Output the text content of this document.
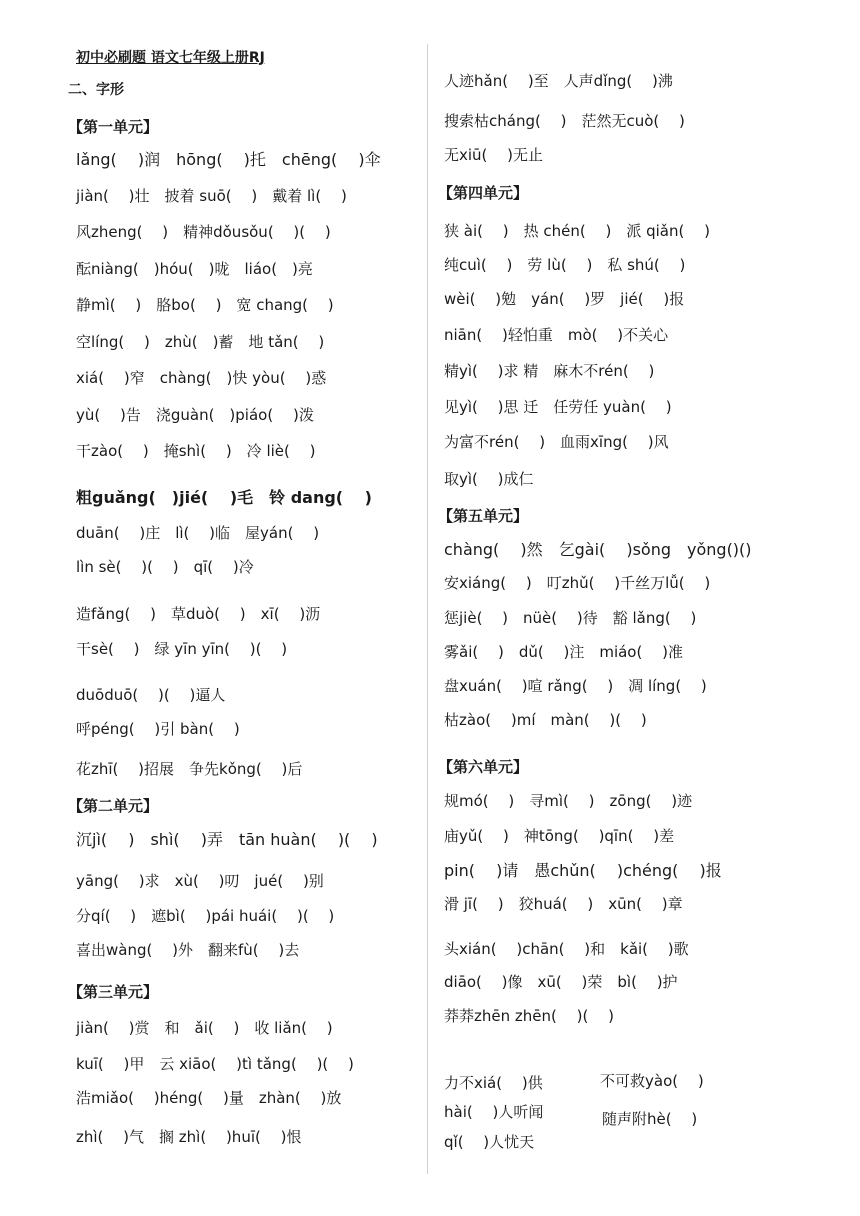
初中必刷题 语文七年级上册RJ
二、字形
【第一单元】
lǎng(　 )润　hōng(　 )托　chēng(　 )伞
jiàn(　 )壮　披着 suō(　 )　戴着 lì(　 )
风zheng(　 )　精神dǒusǒu(　 )(　 )
酝niàng(　)hóu(　)咙　liáo(　)亮
静mì(　 )　胳bo(　 )　宽 chang(　 )
空líng(　 )　zhù(　)蓄　地 tǎn(　 )
xiá(　 )窄　chàng(　)快 yòu(　 )惑
yù(　 )告　浇guàn(　)piáo(　 )泼
干zào(　 )　掩shì(　 )　冷 liè(　 )
粗guǎng(　)jié(　 )毛　铃 dang(　 )
duān(　 )庄　lì(　 )临　屋yán(　 )
lìn sè(　 )(　 )　qī(　 )冷
造fǎng(　 )　草duò(　 )　xī(　 )沥
干sè(　 )　绿 yīn yīn(　 )(　 )
duōduō(　 )(　 )逼人
呼péng(　 )引 bàn(　 )
花zhī(　 )招展　争先kǒng(　 )后
【第二单元】
沉jì(　 )　shì(　 )弄　tān huàn(　 )(　 )
yāng(　 )求　xù(　 )叨　jué(　 )别
分qí(　 )　遮bì(　 )pái huái(　 )(　 )
喜出wàng(　 )外　翻来fù(　 )去
【第三单元】
jiàn(　 )赏　和　ǎi(　 )　收 liǎn(　 )
kuī(　 )甲　云 xiāo(　 )tì tǎng(　 )(　 )
浩miǎo(　 )héng(　 )量　zhàn(　 )放
zhì(　 )气　搁 zhì(　 )huī(　 )恨
人迹hǎn(　 )至　人声dǐng(　 )沸
搜索枯cháng(　 )　茫然无cuò(　 )
无xiū(　 )无止
【第四单元】
狭 ài(　 )　热 chén(　 )　派 qiǎn(　 )
纯cuì(　 )　劳 lù(　 )　私 shú(　 )
wèi(　 )勉　yán(　 )罗　jié(　 )报
niān(　 )轻怕重　mò(　 )不关心
精yì(　 )求 精　麻木不rén(　 )
见yì(　 )思 迁　任劳任 yuàn(　 )
为富不rén(　 )　血雨xīng(　 )风
取yì(　 )成仁
【第五单元】
chàng(　 )然　乞gài(　 )sǒng　yǒng()()
安xiáng(　 )　叮zhǔ(　 )千丝万lǚ(　 )
惩jiè(　 )　nüè(　 )待　豁 lǎng(　 )
雾ǎi(　 )　dǔ(　 )注　miáo(　 )准
盘xuán(　 )喧 rǎng(　 )　凋 líng(　 )
枯zào(　 )mí　màn(　 )(　 )
【第六单元】
规mó(　 )　寻mì(　 )　zōng(　 )迹
庙yǔ(　 )　神tōng(　 )qīn(　 )差
pin(　 )请　愚chǔn(　 )chéng(　 )报
滑 jī(　 )　狡huá(　 )　xūn(　 )章
头xián(　 )chān(　 )和　kǎi(　 )歌
diāo(　 )像　xū(　 )荣　bì(　 )护
莽莽zhēn zhēn(　 )(　 )
力不xiá(　 )供	不可救yào(　 )
hài(　 )人听闻	随声附hè(　 )
qǐ(　 )人忧天
